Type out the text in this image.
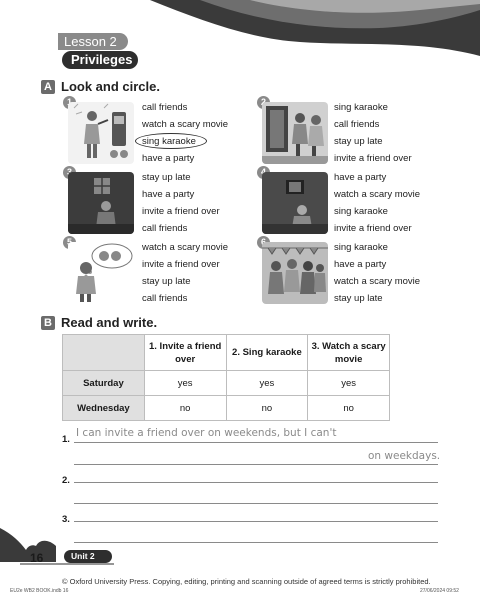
Lesson 2
Privileges
A Look and circle.
1	call friends
watch a scary movie
sing karaoke
have a party
2	sing karaoke
call friends
stay up late
invite a friend over
3	stay up late
have a party
invite a friend over
call friends
4	have a party
watch a scary movie
sing karaoke
invite a friend over
5	watch a scary movie
invite a friend over
stay up late
call friends
6	sing karaoke
have a party
watch a scary movie
stay up late
B Read and write.
	1. Invite a friend over	2. Sing karaoke	3. Watch a scary movie
Saturday	yes	yes	yes
Wednesday	no	no	no
1.
I can invite a friend over on weekends, but I can't
on weekdays.
2.
3.
16	Unit 2
© Oxford University Press. Copying, editing, printing and scanning outside of agreed terms is strictly prohibited.
EU2e WB2 BOOK.indb 16	27/06/2024 09:52
